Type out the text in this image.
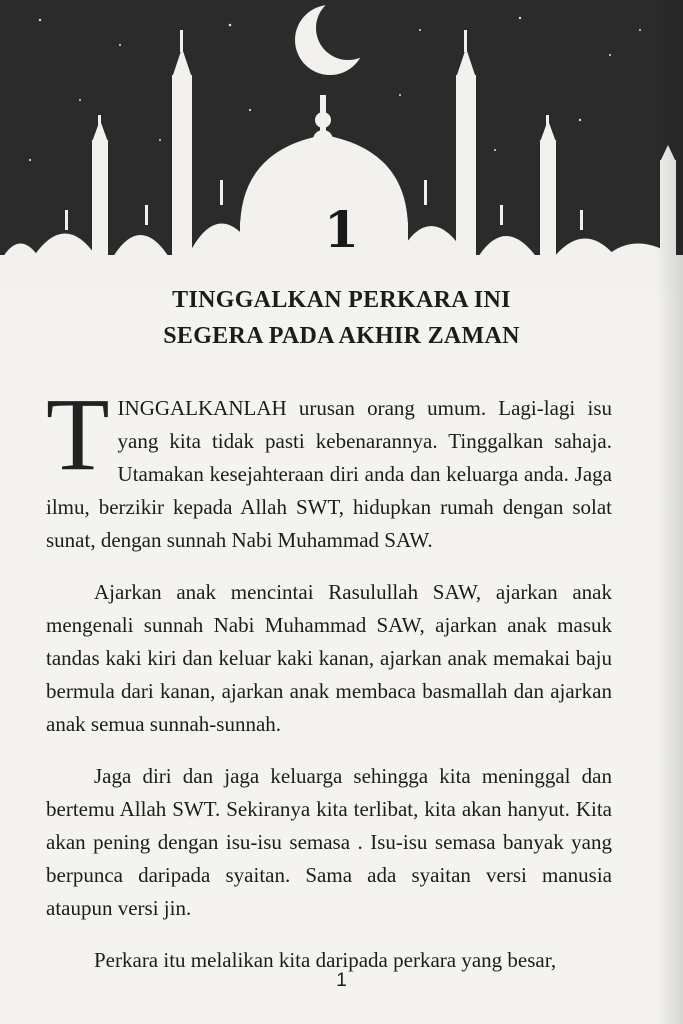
1
TINGGALKAN PERKARA INI
SEGERA PADA AKHIR ZAMAN

TINGGALKANLAH urusan orang umum. Lagi-lagi isu yang kita tidak pasti kebenarannya. Tinggalkan sahaja. Utamakan kesejahteraan diri anda dan keluarga anda. Jaga ilmu, berzikir kepada Allah SWT, hidupkan rumah dengan solat sunat, dengan sunnah Nabi Muhammad SAW.

Ajarkan anak mencintai Rasulullah SAW, ajarkan anak mengenali sunnah Nabi Muhammad SAW, ajarkan anak masuk tandas kaki kiri dan keluar kaki kanan, ajarkan anak memakai baju bermula dari kanan, ajarkan anak membaca basmallah dan ajarkan anak semua sunnah-sunnah.

Jaga diri dan jaga keluarga sehingga kita meninggal dan bertemu Allah SWT. Sekiranya kita terlibat, kita akan hanyut. Kita akan pening dengan isu-isu semasa . Isu-isu semasa banyak yang berpunca daripada syaitan. Sama ada syaitan versi manusia ataupun versi jin.

Perkara itu melalikan kita daripada perkara yang besar,

1
